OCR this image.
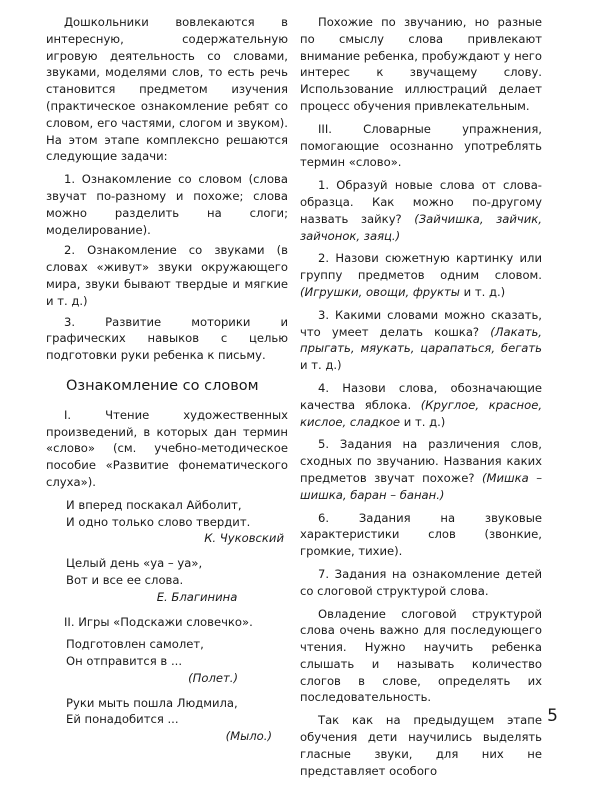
Дошкольники вовлекаются в интересную, содержательную игровую деятельность со словами, звуками, моделями слов, то есть речь становится предметом изучения (практическое ознакомление ребят со словом, его частями, слогом и звуком). На этом этапе комплексно решаются следующие задачи:

1. Ознакомление со словом (слова звучат по-разному и похоже; слова можно разделить на слоги; моделирование).

2. Ознакомление со звуками (в словах «живут» звуки окружающего мира, звуки бывают твердые и мягкие и т. д.)

3. Развитие моторики и графических навыков с целью подготовки руки ребенка к письму.

Ознакомление со словом

I. Чтение художественных произведений, в которых дан термин «слово» (см. учебно-методическое пособие «Развитие фонематического слуха»).

И вперед поскакал Айболит,
И одно только слово твердит.
К. Чуковский
Целый день «уа – уа»,
Вот и все ее слова.
Е. Благинина

II. Игры «Подскажи словечко».

Подготовлен самолет,
Он отправится в ...
(Полет.)
Руки мыть пошла Людмила,
Ей понадобится ...
(Мыло.)

Похожие по звучанию, но разные по смыслу слова привлекают внимание ребенка, пробуждают у него интерес к звучащему слову. Использование иллюстраций делает процесс обучения привлекательным.

III. Словарные упражнения, помогающие осознанно употреблять термин «слово».

1. Образуй новые слова от слова-образца. Как можно по-другому назвать зайку? (Зайчишка, зайчик, зайчонок, заяц.)

2. Назови сюжетную картинку или группу предметов одним словом. (Игрушки, овощи, фрукты и т. д.)

3. Какими словами можно сказать, что умеет делать кошка? (Лакать, прыгать, мяукать, царапаться, бегать и т. д.)

4. Назови слова, обозначающие качества яблока. (Круглое, красное, кислое, сладкое и т. д.)

5. Задания на различения слов, сходных по звучанию. Названия каких предметов звучат похоже? (Мишка – шишка, баран – банан.)

6. Задания на звуковые характеристики слов (звонкие, громкие, тихие).

7. Задания на ознакомление детей со слоговой структурой слова.

Овладение слоговой структурой слова очень важно для последующего чтения. Нужно научить ребенка слышать и называть количество слогов в слове, определять их последовательность.

Так как на предыдущем этапе обучения дети научились выделять гласные звуки, для них не представляет особого

5
